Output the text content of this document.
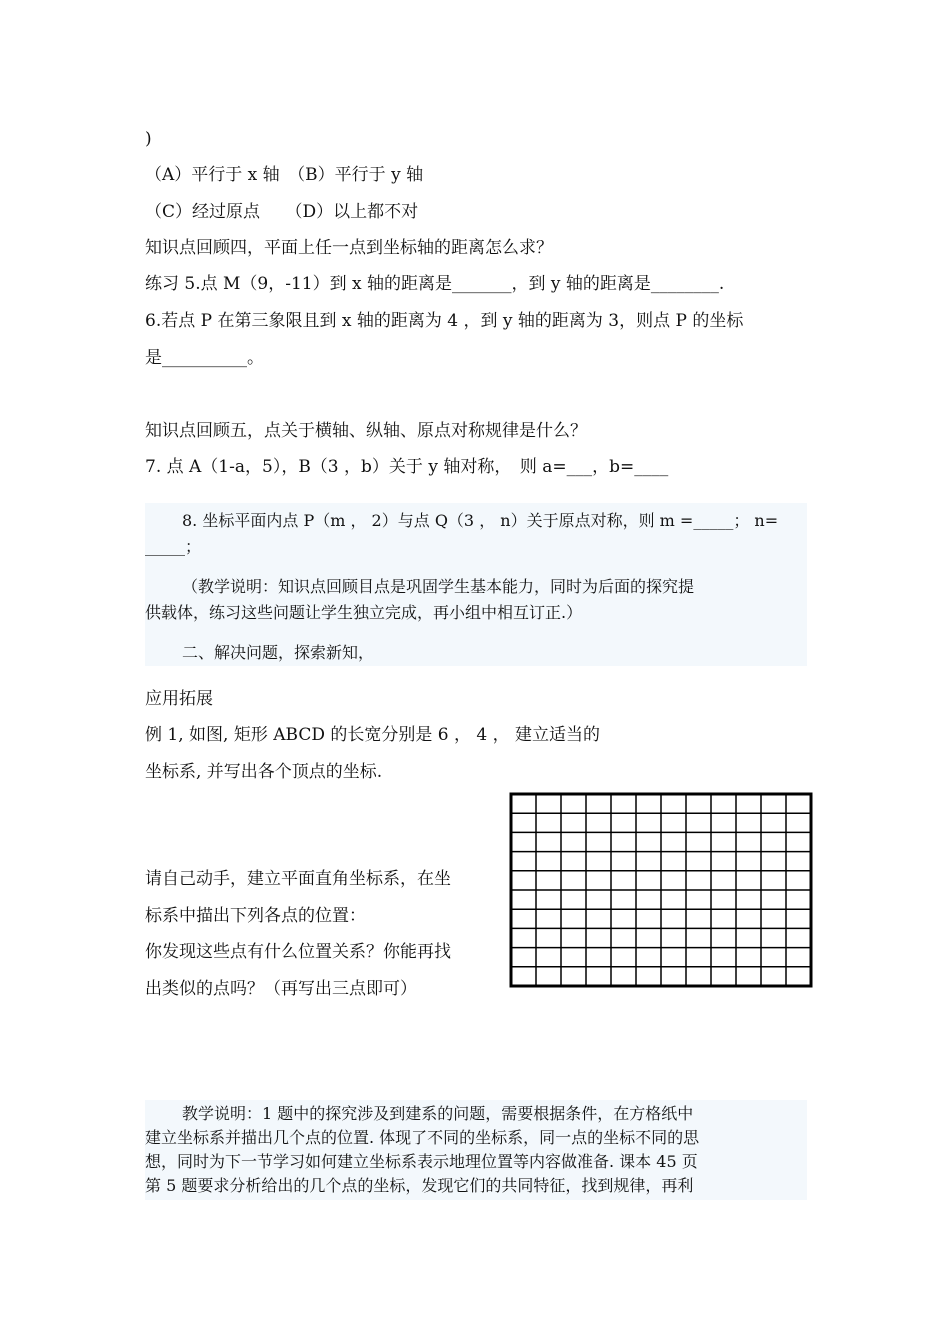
)
（A）平行于 x 轴　（B）平行于 y 轴
（C）经过原点　　（D）以上都不对
知识点回顾四，平面上任一点到坐标轴的距离怎么求？
练习 5.点 M（9，-11）到 x 轴的距离是_______，到 y 轴的距离是________.
6.若点 P 在第三象限且到 x 轴的距离为 4 ，到 y 轴的距离为 3，则点 P 的坐标
是__________。
知识点回顾五，点关于横轴、纵轴、原点对称规律是什么？
7. 点 A（1-a，5），B（3 ，b）关于 y 轴对称，　则 a=___，b=____
8. 坐标平面内点 P（m ， 2）与点 Q（3 ， n）关于原点对称，则 m =_____； n=
_____；
（教学说明：知识点回顾目点是巩固学生基本能力，同时为后面的探究提
供载体，练习这些问题让学生独立完成，再小组中相互订正.）
二、解决问题，探索新知，
应用拓展
例 1, 如图, 矩形 ABCD 的长宽分别是 6 ， 4 ， 建立适当的
坐标系, 并写出各个顶点的坐标.
请自己动手，建立平面直角坐标系，在坐
标系中描出下列各点的位置：
你发现这些点有什么位置关系？你能再找
出类似的点吗？（再写出三点即可）
教学说明：1 题中的探究涉及到建系的问题，需要根据条件，在方格纸中
建立坐标系并描出几个点的位置. 体现了不同的坐标系，同一点的坐标不同的思
想，同时为下一节学习如何建立坐标系表示地理位置等内容做准备. 课本 45 页
第 5 题要求分析给出的几个点的坐标，发现它们的共同特征，找到规律，再利
